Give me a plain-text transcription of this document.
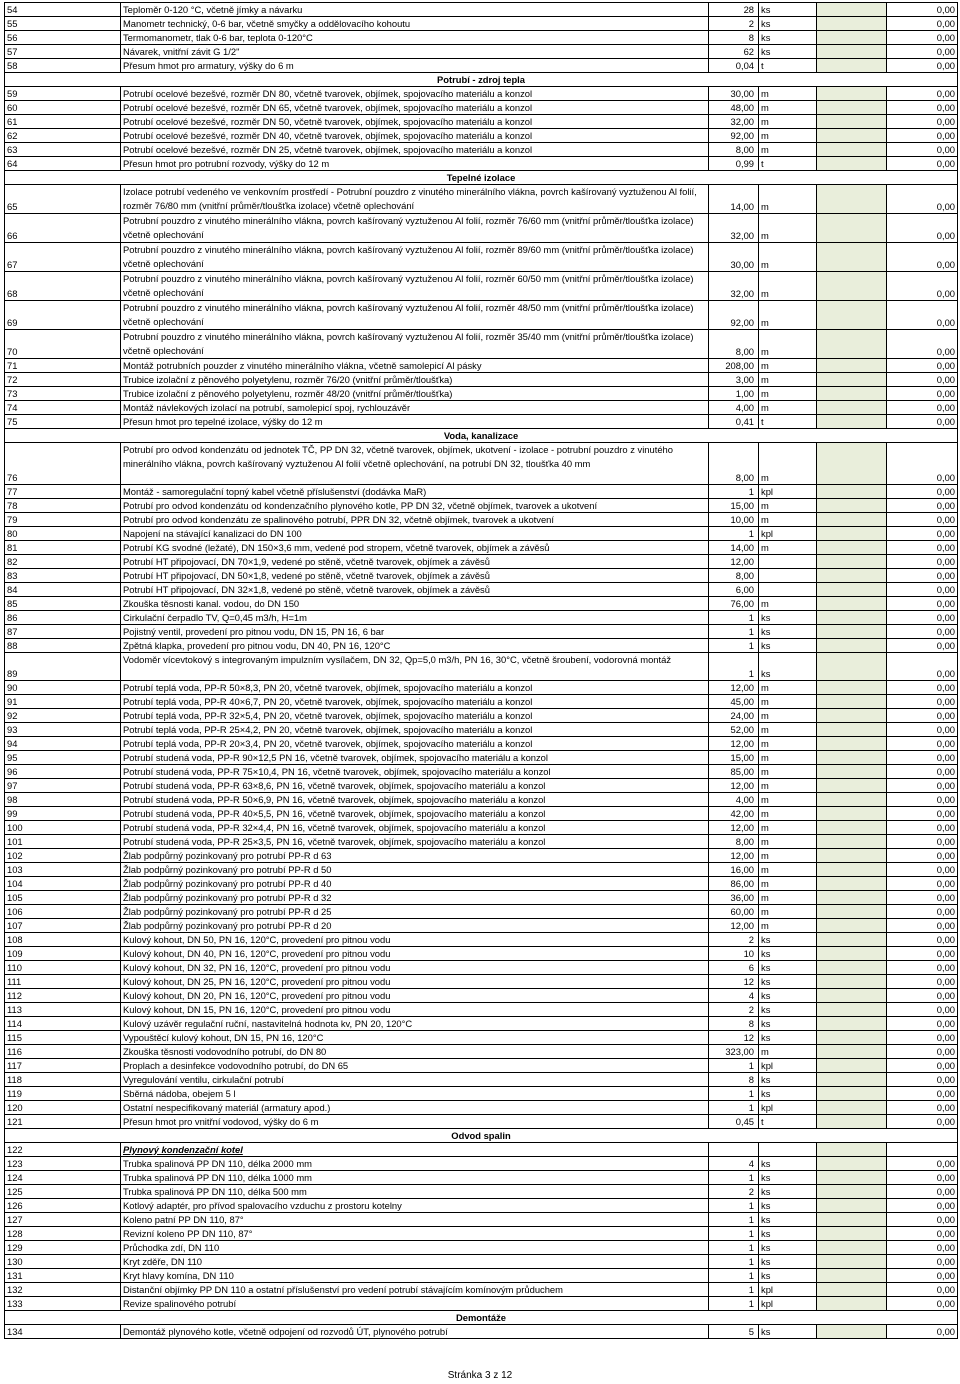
54	Teploměr 0-120 °C, včetně jímky a návarku	28	ks		0,00
55	Manometr technický, 0-6 bar, včetně smyčky a oddělovacího kohoutu	2	ks		0,00
56	Termomanometr, tlak 0-6 bar, teplota 0-120°C	8	ks		0,00
57	Návarek, vnitřní závit G 1/2"	62	ks		0,00
58	Přesum hmot pro armatury, výšky do 6 m	0,04	t		0,00
Potrubí - zdroj tepla					
59	Potrubí ocelové bezešvé, rozměr DN 80, včetně tvarovek, objímek, spojovacího materiálu a konzol	30,00	m		0,00
60	Potrubí ocelové bezešvé, rozměr DN 65, včetně tvarovek, objímek, spojovacího materiálu a konzol	48,00	m		0,00
61	Potrubí ocelové bezešvé, rozměr DN 50, včetně tvarovek, objímek, spojovacího materiálu a konzol	32,00	m		0,00
62	Potrubí ocelové bezešvé, rozměr DN 40, včetně tvarovek, objímek, spojovacího materiálu a konzol	92,00	m		0,00
63	Potrubí ocelové bezešvé, rozměr DN 25, včetně tvarovek, objímek, spojovacího materiálu a konzol	8,00	m		0,00
64	Přesun hmot pro potrubní rozvody, výšky do 12 m	0,99	t		0,00
Tepelné izolace					
65	Izolace potrubí vedeného ve venkovním prostředí - Potrubní pouzdro z vinutého minerálního vlákna, povrch kašírovaný vyztuženou Al folií, rozměr 76/80 mm (vnitřní průměr/tloušťka izolace) včetně oplechování	14,00	m		0,00
66	Potrubní pouzdro z vinutého minerálního vlákna, povrch kašírovaný vyztuženou Al folií, rozměr 76/60 mm (vnitřní průměr/tloušťka izolace) včetně oplechování	32,00	m		0,00
67	Potrubní pouzdro z vinutého minerálního vlákna, povrch kašírovaný vyztuženou Al folií, rozměr 89/60 mm (vnitřní průměr/tloušťka izolace) včetně oplechování	30,00	m		0,00
68	Potrubní pouzdro z vinutého minerálního vlákna, povrch kašírovaný vyztuženou Al folií, rozměr 60/50 mm (vnitřní průměr/tloušťka izolace) včetně oplechování	32,00	m		0,00
69	Potrubní pouzdro z vinutého minerálního vlákna, povrch kašírovaný vyztuženou Al folií, rozměr 48/50 mm (vnitřní průměr/tloušťka izolace) včetně oplechování	92,00	m		0,00
70	Potrubní pouzdro z vinutého minerálního vlákna, povrch kašírovaný vyztuženou Al folií, rozměr 35/40 mm (vnitřní průměr/tloušťka izolace) včetně oplechování	8,00	m		0,00
71	Montáž potrubních pouzder z vinutého minerálního vlákna, včetně samolepicí Al pásky	208,00	m		0,00
72	Trubice izolační z pěnového polyetylenu, rozměr 76/20 (vnitřní průměr/tloušťka)	3,00	m		0,00
73	Trubice izolační z pěnového polyetylenu, rozměr 48/20 (vnitřní průměr/tloušťka)	1,00	m		0,00
74	Montáž návlekových izolací na potrubí, samolepicí spoj, rychlouzávěr	4,00	m		0,00
75	Přesun hmot pro tepelné izolace, výšky do 12 m	0,41	t		0,00
Voda, kanalizace					
76	Potrubí pro odvod kondenzátu od jednotek TČ, PP DN 32, včetně tvarovek, objímek, ukotvení - izolace - potrubní pouzdro z vinutého minerálního vlákna, povrch kašírovaný vyztuženou Al folií včetně oplechování, na potrubí DN 32, tloušťka 40 mm	8,00	m		0,00
77	Montáž - samoregulační topný kabel včetně příslušenství (dodávka MaR)	1	kpl		0,00
78	Potrubí pro odvod kondenzátu od kondenzačního plynového kotle, PP DN 32, včetně objímek, tvarovek a ukotvení	15,00	m		0,00
79	Potrubí pro odvod kondenzátu ze spalinového potrubí, PPR DN 32, včetně objímek, tvarovek a ukotvení	10,00	m		0,00
80	Napojení na stávající kanalizaci do DN 100	1	kpl		0,00
81	Potrubí KG svodné (ležaté), DN 150×3,6 mm, vedené pod stropem, včetně tvarovek, objímek a závěsů	14,00	m		0,00
82	Potrubí HT připojovací, DN 70×1,9, vedené po stěně, včetně tvarovek, objímek a závěsů	12,00			0,00
83	Potrubí HT připojovací, DN 50×1,8, vedené po stěně, včetně tvarovek, objímek a závěsů	8,00			0,00
84	Potrubí HT připojovací, DN 32×1,8, vedené po stěně, včetně tvarovek, objímek a závěsů	6,00			0,00
85	Zkouška těsnosti kanal. vodou, do DN 150	76,00	m		0,00
86	Cirkulační čerpadlo TV, Q=0,45 m3/h, H=1m	1	ks		0,00
87	Pojistný ventil, provedení pro pitnou vodu, DN 15, PN 16, 6 bar	1	ks		0,00
88	Zpětná klapka, provedení pro pitnou vodu, DN 40, PN 16, 120°C	1	ks		0,00
89	Vodoměr vícevtokový s integrovaným impulzním vysílačem, DN 32, Qp=5,0 m3/h, PN 16, 30°C, včetně šroubení, vodorovná montáž	1	ks		0,00
90	Potrubí teplá voda, PP-R 50×8,3, PN 20, včetně tvarovek, objímek, spojovacího materiálu a konzol	12,00	m		0,00
91	Potrubí teplá voda, PP-R 40×6,7, PN 20, včetně tvarovek, objímek, spojovacího materiálu a konzol	45,00	m		0,00
92	Potrubí teplá voda, PP-R 32×5,4, PN 20, včetně tvarovek, objímek, spojovacího materiálu a konzol	24,00	m		0,00
93	Potrubí teplá voda, PP-R 25×4,2, PN 20, včetně tvarovek, objímek, spojovacího materiálu a konzol	52,00	m		0,00
94	Potrubí teplá voda, PP-R 20×3,4, PN 20, včetně tvarovek, objímek, spojovacího materiálu a konzol	12,00	m		0,00
95	Potrubí studená voda, PP-R 90×12,5 PN 16, včetně tvarovek, objímek, spojovacího materiálu a konzol	15,00	m		0,00
96	Potrubí studená voda, PP-R 75×10,4, PN 16, včetně tvarovek, objímek, spojovacího materiálu a konzol	85,00	m		0,00
97	Potrubí studená voda, PP-R 63×8,6, PN 16, včetně tvarovek, objímek, spojovacího materiálu a konzol	12,00	m		0,00
98	Potrubí studená voda, PP-R 50×6,9, PN 16, včetně tvarovek, objímek, spojovacího materiálu a konzol	4,00	m		0,00
99	Potrubí studená voda, PP-R 40×5,5, PN 16, včetně tvarovek, objímek, spojovacího materiálu a konzol	42,00	m		0,00
100	Potrubí studená voda, PP-R 32×4,4, PN 16, včetně tvarovek, objímek, spojovacího materiálu a konzol	12,00	m		0,00
101	Potrubí studená voda, PP-R 25×3,5, PN 16, včetně tvarovek, objímek, spojovacího materiálu a konzol	8,00	m		0,00
102	Žlab podpůrný pozinkovaný pro potrubí PP-R d 63	12,00	m		0,00
103	Žlab podpůrný pozinkovaný pro potrubí PP-R d 50	16,00	m		0,00
104	Žlab podpůrný pozinkovaný pro potrubí PP-R d 40	86,00	m		0,00
105	Žlab podpůrný pozinkovaný pro potrubí PP-R d 32	36,00	m		0,00
106	Žlab podpůrný pozinkovaný pro potrubí PP-R d 25	60,00	m		0,00
107	Žlab podpůrný pozinkovaný pro potrubí PP-R d 20	12,00	m		0,00
108	Kulový kohout, DN 50, PN 16, 120°C, provedení pro pitnou vodu	2	ks		0,00
109	Kulový kohout, DN 40, PN 16, 120°C, provedení pro pitnou vodu	10	ks		0,00
110	Kulový kohout, DN 32, PN 16, 120°C, provedení pro pitnou vodu	6	ks		0,00
111	Kulový kohout, DN 25, PN 16, 120°C, provedení pro pitnou vodu	12	ks		0,00
112	Kulový kohout, DN 20, PN 16, 120°C, provedení pro pitnou vodu	4	ks		0,00
113	Kulový kohout, DN 15, PN 16, 120°C, provedení pro pitnou vodu	2	ks		0,00
114	Kulový uzávěr regulační ruční, nastavitelná hodnota kv, PN 20, 120°C	8	ks		0,00
115	Vypouštěcí kulový kohout, DN 15, PN 16, 120°C	12	ks		0,00
116	Zkouška těsnosti vodovodního potrubí, do DN 80	323,00	m		0,00
117	Proplach a desinfekce vodovodního potrubí, do DN 65	1	kpl		0,00
118	Vyregulování ventilu, cirkulační potrubí	8	ks		0,00
119	Sběrná nádoba, obejem 5 l	1	ks		0,00
120	Ostatní nespecifikovaný materiál (armatury apod.)	1	kpl		0,00
121	Přesun hmot pro vnitřní vodovod, výšky do 6 m	0,45	t		0,00
Odvod spalin					
122	Plynový kondenzační kotel				
123	Trubka spalinová PP DN 110, délka 2000 mm	4	ks		0,00
124	Trubka spalinová PP DN 110, délka 1000 mm	1	ks		0,00
125	Trubka spalinová PP DN 110, délka 500 mm	2	ks		0,00
126	Kotlový adaptér, pro přívod spalovacího vzduchu z prostoru kotelny	1	ks		0,00
127	Koleno patní PP DN 110, 87°	1	ks		0,00
128	Revizní koleno PP DN 110, 87°	1	ks		0,00
129	Průchodka zdí, DN 110	1	ks		0,00
130	Kryt zděře, DN 110	1	ks		0,00
131	Kryt hlavy komína, DN 110	1	ks		0,00
132	Distanční objímky PP DN 110 a ostatní příslušenství pro vedení potrubí stávajícím komínovým průduchem	1	kpl		0,00
133	Revize spalinového potrubí	1	kpl		0,00
Demontáže					
134	Demontáž plynového kotle, včetně odpojení od rozvodů ÚT, plynového potrubí	5	ks		0,00
Stránka 3 z 12
